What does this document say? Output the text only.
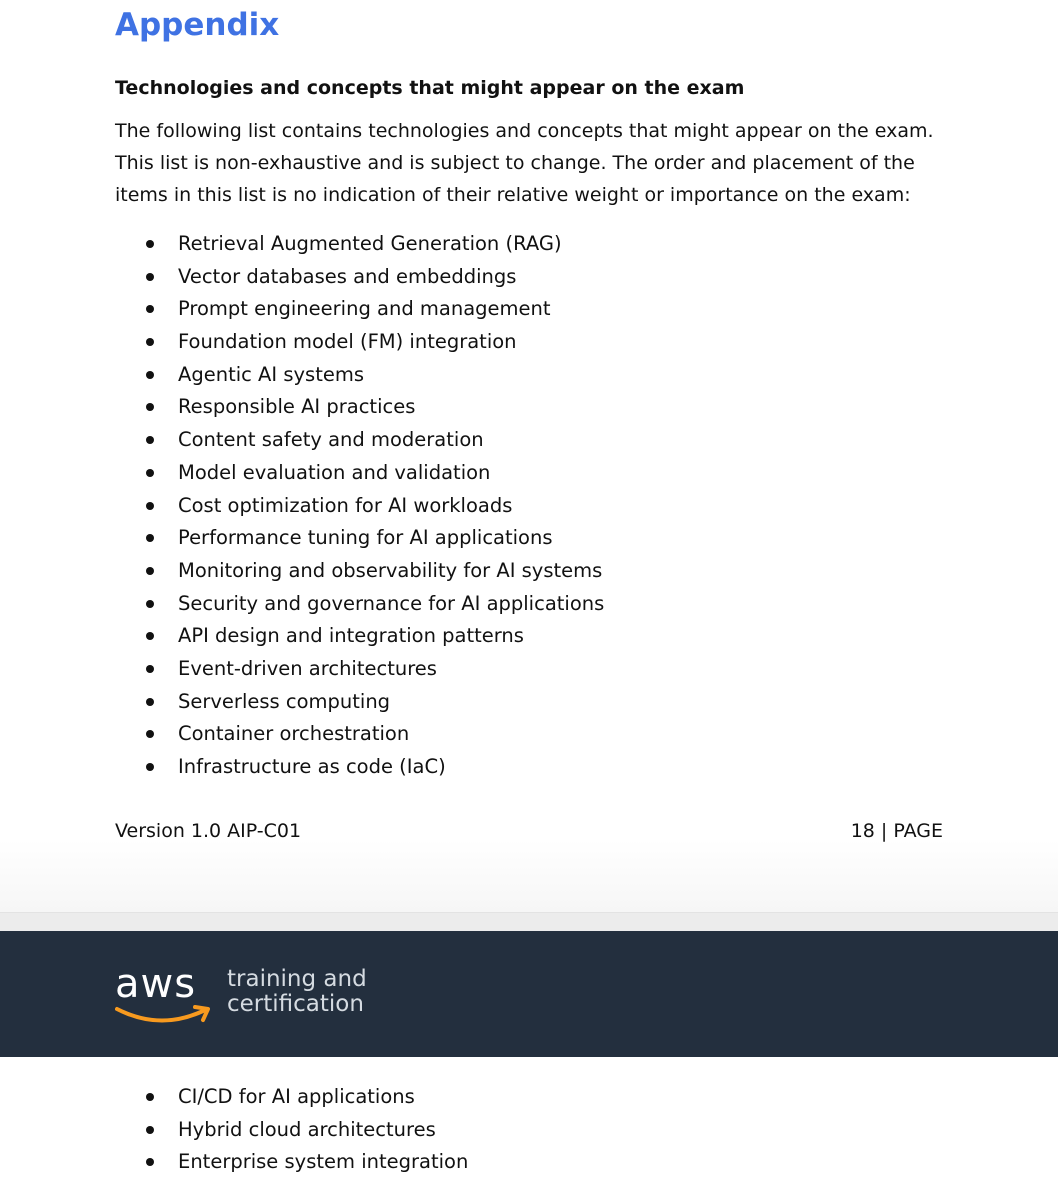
Appendix
Technologies and concepts that might appear on the exam

The following list contains technologies and concepts that might appear on the exam. This list is non-exhaustive and is subject to change. The order and placement of the items in this list is no indication of their relative weight or importance on the exam:

Retrieval Augmented Generation (RAG)
Vector databases and embeddings
Prompt engineering and management
Foundation model (FM) integration
Agentic AI systems
Responsible AI practices
Content safety and moderation
Model evaluation and validation
Cost optimization for AI workloads
Performance tuning for AI applications
Monitoring and observability for AI systems
Security and governance for AI applications
API design and integration patterns
Event-driven architectures
Serverless computing
Container orchestration
Infrastructure as code (IaC)
Version 1.0 AIP-C01	18 | PAGE
aws training and
certification
CI/CD for AI applications
Hybrid cloud architectures
Enterprise system integration
